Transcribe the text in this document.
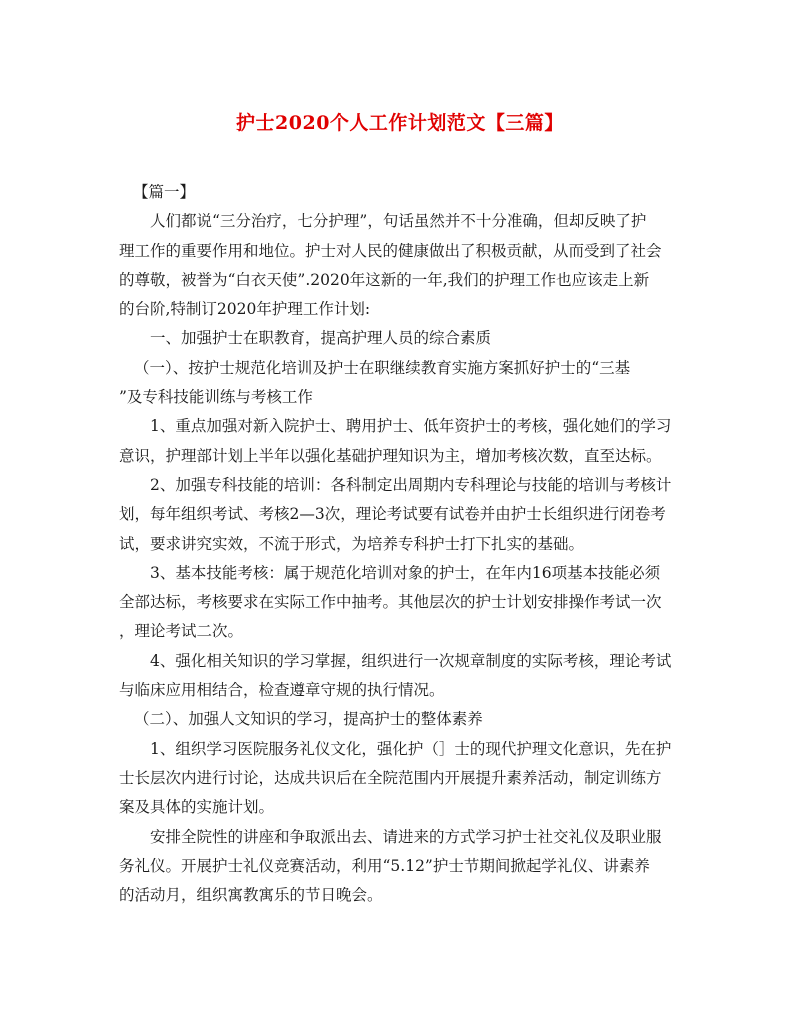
护士2020个人工作计划范文【三篇】

【篇一】

人们都说“三分治疗，七分护理”，句话虽然并不十分准确，但却反映了护

理工作的重要作用和地位。护士对人民的健康做出了积极贡献，从而受到了社会

的尊敬，被誉为“白衣天使”.2020年这新的一年,我们的护理工作也应该走上新

的台阶,特制订2020年护理工作计划:

一、加强护士在职教育，提高护理人员的综合素质

（一）、按护士规范化培训及护士在职继续教育实施方案抓好护士的“三基

”及专科技能训练与考核工作

1、重点加强对新入院护士、聘用护士、低年资护士的考核，强化她们的学习

意识，护理部计划上半年以强化基础护理知识为主，增加考核次数，直至达标。

2、加强专科技能的培训：各科制定出周期内专科理论与技能的培训与考核计

划，每年组织考试、考核2—3次，理论考试要有试卷并由护士长组织进行闭卷考

试，要求讲究实效，不流于形式，为培养专科护士打下扎实的基础。

3、基本技能考核：属于规范化培训对象的护士，在年内16项基本技能必须

全部达标，考核要求在实际工作中抽考。其他层次的护士计划安排操作考试一次

，理论考试二次。

4、强化相关知识的学习掌握，组织进行一次规章制度的实际考核，理论考试

与临床应用相结合，检查遵章守规的执行情况。

（二）、加强人文知识的学习，提高护士的整体素养

1、组织学习医院服务礼仪文化，强化护（］士的现代护理文化意识，先在护

士长层次内进行讨论，达成共识后在全院范围内开展提升素养活动，制定训练方

案及具体的实施计划。

安排全院性的讲座和争取派出去、请进来的方式学习护士社交礼仪及职业服

务礼仪。开展护士礼仪竞赛活动，利用“5.12”护士节期间掀起学礼仪、讲素养

的活动月，组织寓教寓乐的节日晚会。
